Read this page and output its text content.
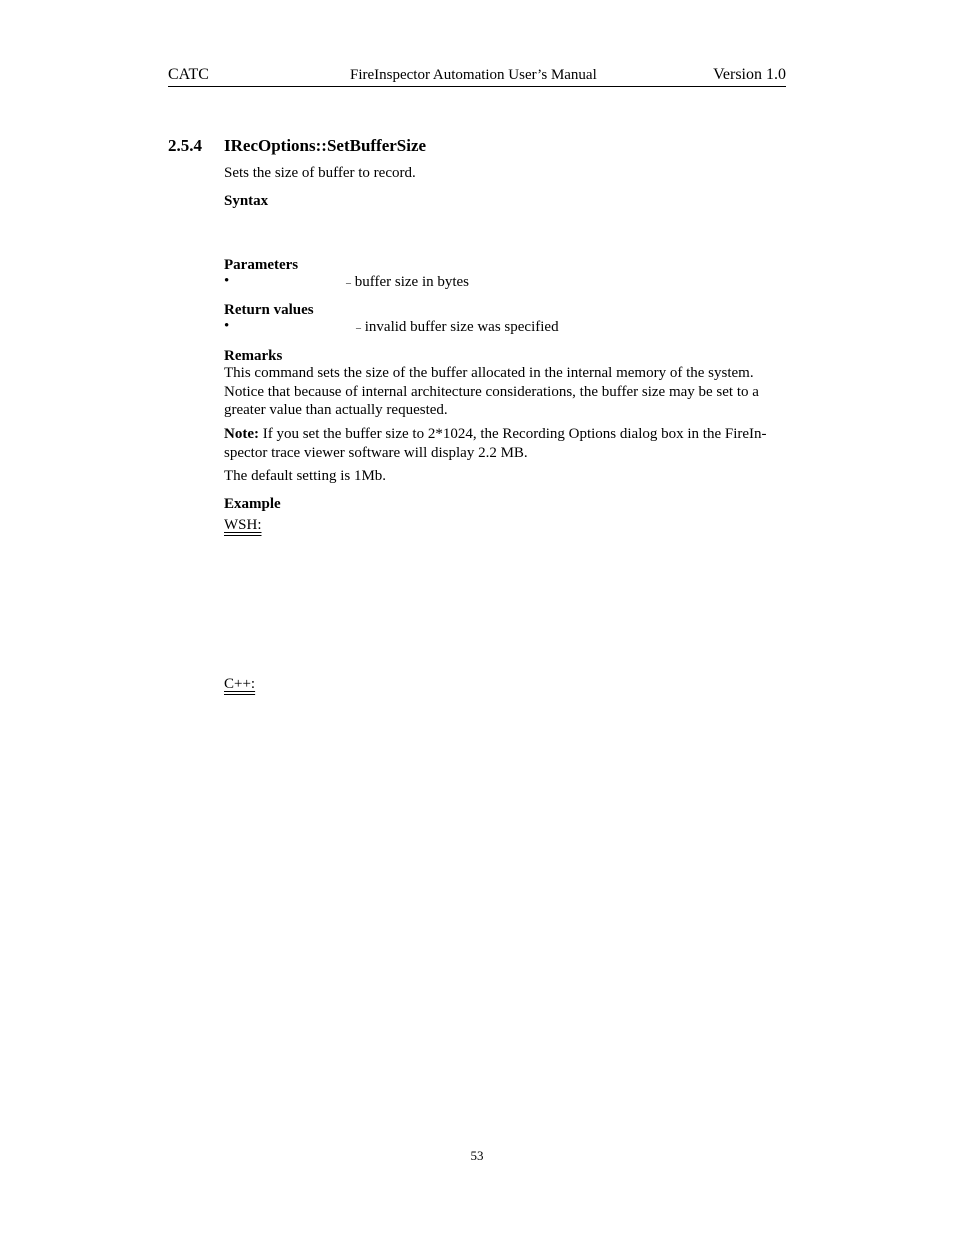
CATC	FireInspector Automation User’s Manual	Version 1.0
2.5.4 IRecOptions::SetBufferSize
Sets the size of buffer to record.
Syntax
Parameters
•	– buffer size in bytes
Return values
•	– invalid buffer size was specified
Remarks
This command sets the size of the buffer allocated in the internal memory of the system. Notice that because of internal architecture considerations, the buffer size may be set to a greater value than actually requested.
Note: If you set the buffer size to 2*1024, the Recording Options dialog box in the FireIn-spector trace viewer software will display 2.2 MB.
The default setting is 1Mb.
Example
WSH:
C++:
53
